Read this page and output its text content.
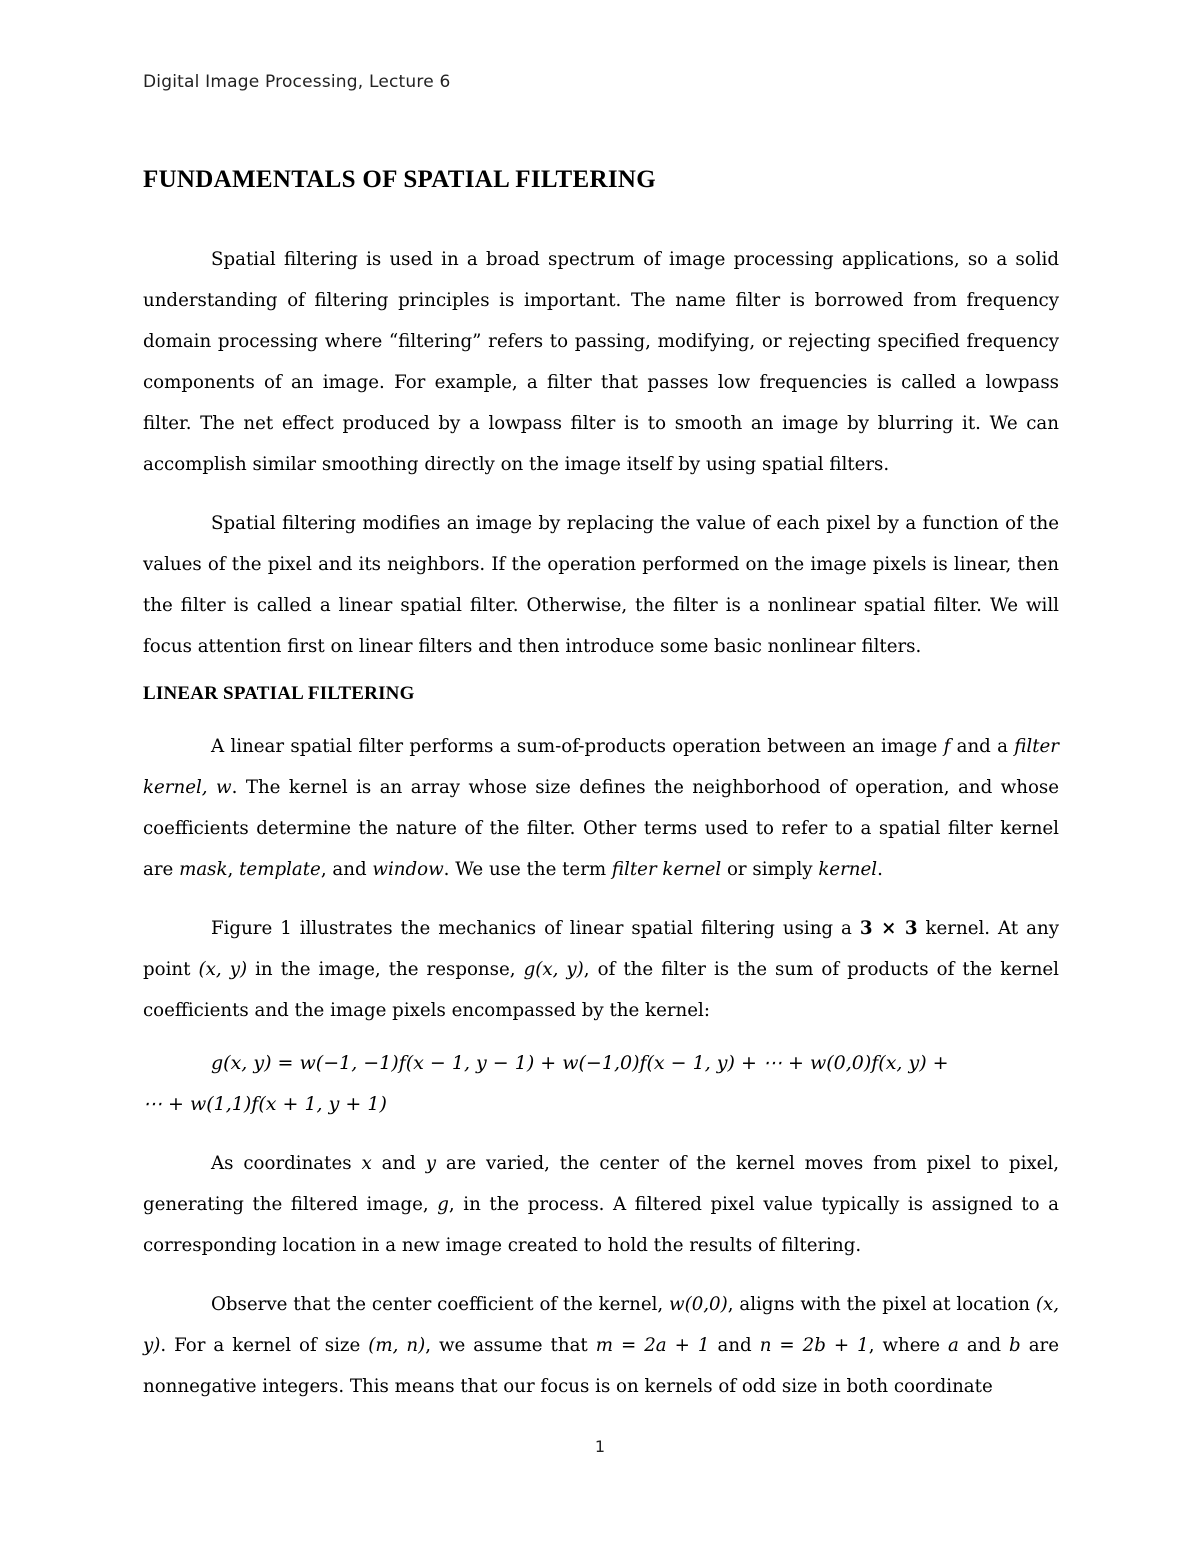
Digital Image Processing, Lecture 6
FUNDAMENTALS OF SPATIAL FILTERING

Spatial filtering is used in a broad spectrum of image processing applications, so a solid understanding of filtering principles is important. The name filter is borrowed from frequency domain processing where “filtering” refers to passing, modifying, or rejecting specified frequency components of an image. For example, a filter that passes low frequencies is called a lowpass filter. The net effect produced by a lowpass filter is to smooth an image by blurring it. We can accomplish similar smoothing directly on the image itself by using spatial filters.

Spatial filtering modifies an image by replacing the value of each pixel by a function of the values of the pixel and its neighbors. If the operation performed on the image pixels is linear, then the filter is called a linear spatial filter. Otherwise, the filter is a nonlinear spatial filter. We will focus attention first on linear filters and then introduce some basic nonlinear filters.

LINEAR SPATIAL FILTERING

A linear spatial filter performs a sum-of-products operation between an image f and a filter kernel, w. The kernel is an array whose size defines the neighborhood of operation, and whose coefficients determine the nature of the filter. Other terms used to refer to a spatial filter kernel are mask, template, and window. We use the term filter kernel or simply kernel.

Figure 1 illustrates the mechanics of linear spatial filtering using a 3 × 3 kernel. At any point (x, y) in the image, the response, g(x, y), of the filter is the sum of products of the kernel coefficients and the image pixels encompassed by the kernel:

g(x, y) = w(−1, −1)f(x − 1, y − 1) + w(−1,0)f(x − 1, y) + ⋯ + w(0,0)f(x, y) +
⋯ + w(1,1)f(x + 1, y + 1)

As coordinates x and y are varied, the center of the kernel moves from pixel to pixel, generating the filtered image, g, in the process. A filtered pixel value typically is assigned to a corresponding location in a new image created to hold the results of filtering.

Observe that the center coefficient of the kernel, w(0,0), aligns with the pixel at location (x, y). For a kernel of size (m, n), we assume that m = 2a + 1 and n = 2b + 1, where a and b are nonnegative integers. This means that our focus is on kernels of odd size in both coordinate

1
